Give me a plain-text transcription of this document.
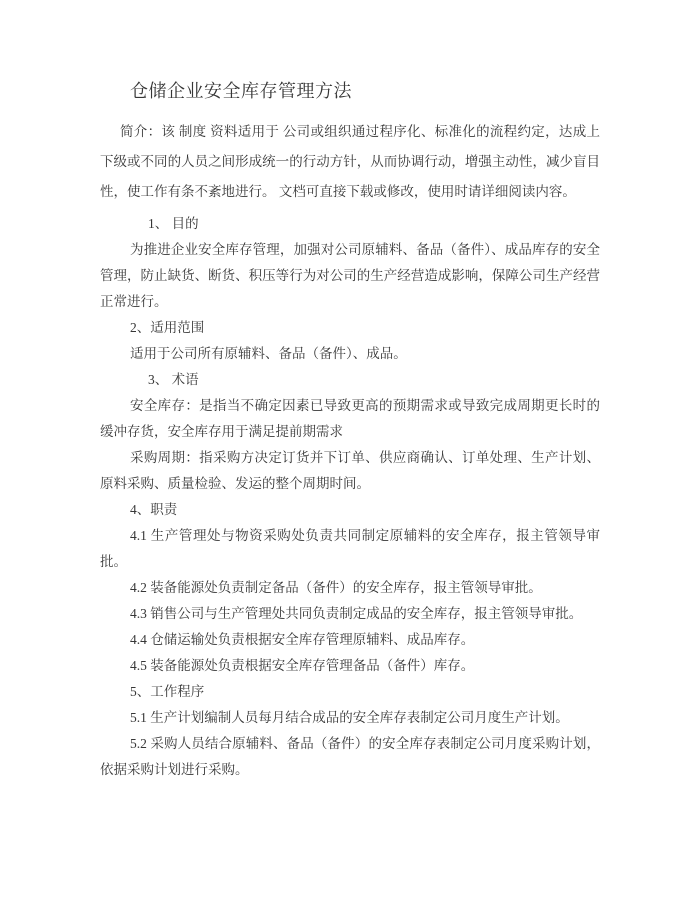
仓储企业安全库存管理方法

简介：该 制度 资料适用于 公司或组织通过程序化、标准化的流程约定，达成上下级或不同的人员之间形成统一的行动方针，从而协调行动，增强主动性，减少盲目性，使工作有条不紊地进行。 文档可直接下载或修改，使用时请详细阅读内容。

1、 目的

为推进企业安全库存管理，加强对公司原辅料、备品（备件）、成品库存的安全管理，防止缺货、断货、积压等行为对公司的生产经营造成影响，保障公司生产经营正常进行。

2、适用范围

适用于公司所有原辅料、备品（备件）、成品。

3、 术语

安全库存：是指当不确定因素已导致更高的预期需求或导致完成周期更长时的缓冲存货，安全库存用于满足提前期需求

采购周期：指采购方决定订货并下订单、供应商确认、订单处理、生产计划、原料采购、质量检验、发运的整个周期时间。

4、职责

4.1 生产管理处与物资采购处负责共同制定原辅料的安全库存，报主管领导审批。

4.2 装备能源处负责制定备品（备件）的安全库存，报主管领导审批。

4.3 销售公司与生产管理处共同负责制定成品的安全库存，报主管领导审批。

4.4 仓储运输处负责根据安全库存管理原辅料、成品库存。

4.5 装备能源处负责根据安全库存管理备品（备件）库存。

5、工作程序

5.1 生产计划编制人员每月结合成品的安全库存表制定公司月度生产计划。

5.2 采购人员结合原辅料、备品（备件）的安全库存表制定公司月度采购计划，依据采购计划进行采购。
